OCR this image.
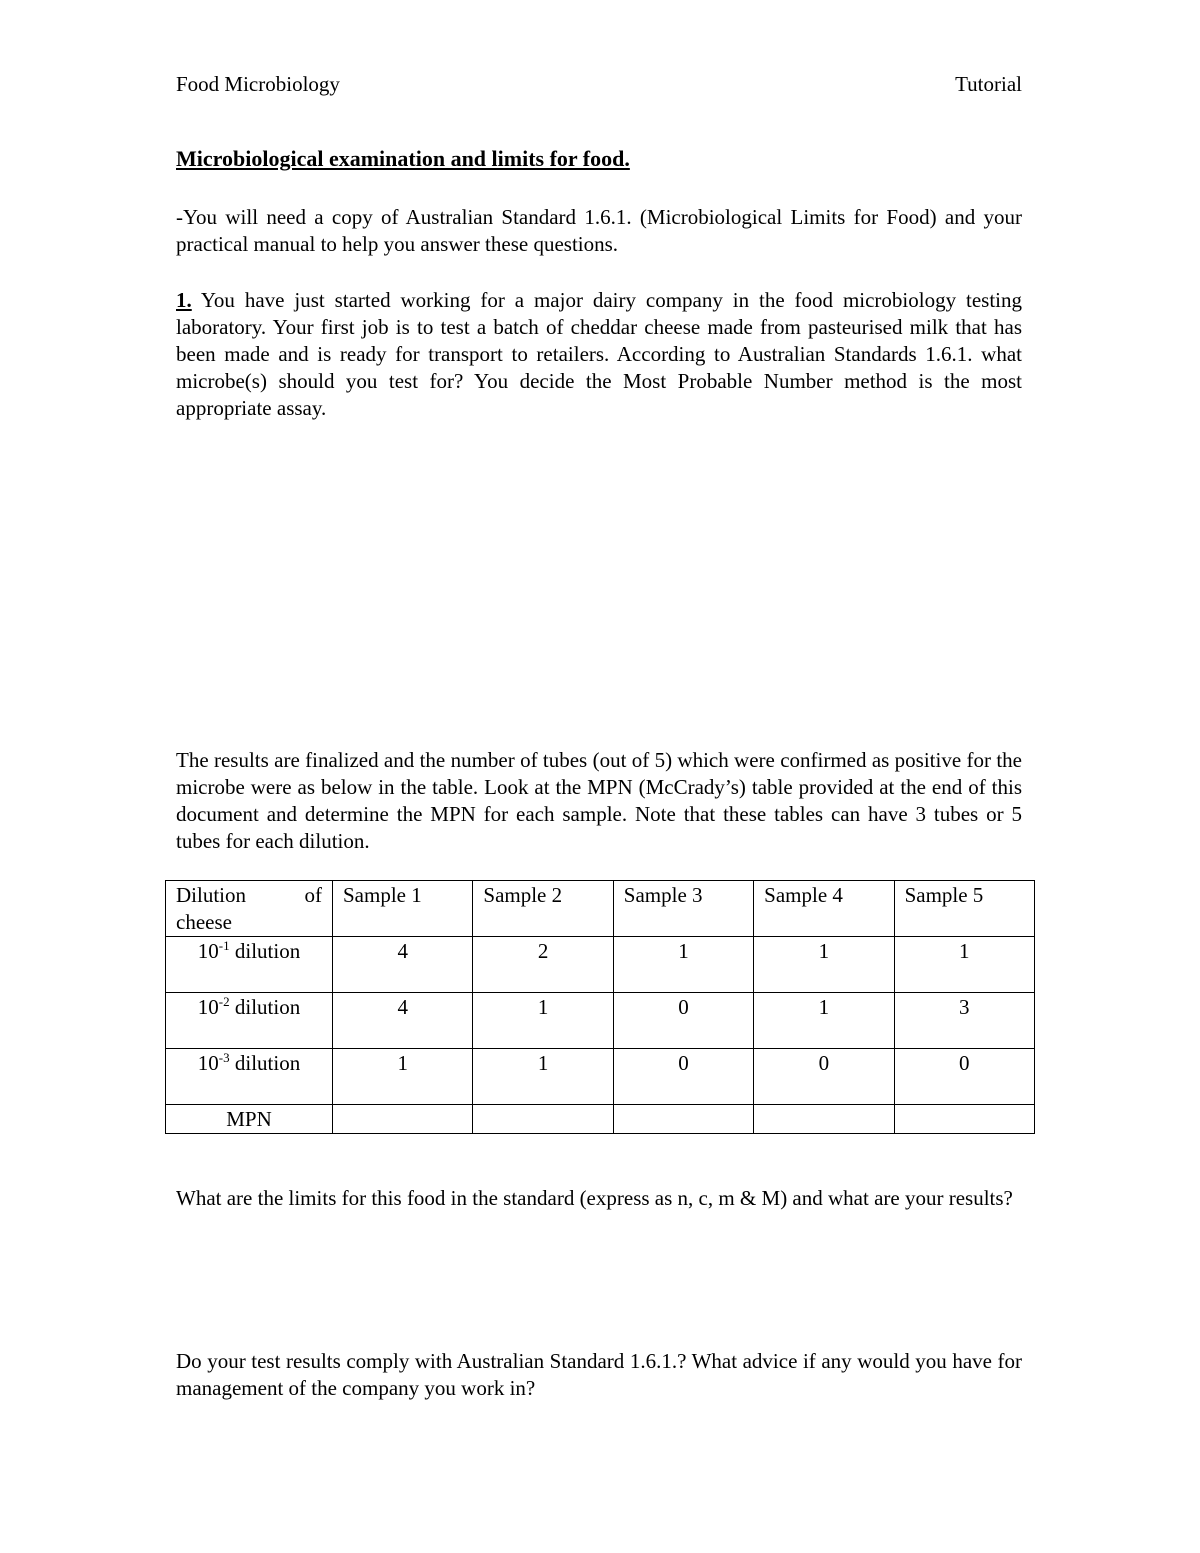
Food Microbiology	Tutorial
Microbiological examination and limits for food.

-You will need a copy of Australian Standard 1.6.1. (Microbiological Limits for Food) and your practical manual to help you answer these questions.

1. You have just started working for a major dairy company in the food microbiology testing laboratory. Your first job is to test a batch of cheddar cheese made from pasteurised milk that has been made and is ready for transport to retailers. According to Australian Standards 1.6.1. what microbe(s) should you test for? You decide the Most Probable Number method is the most appropriate assay.

The results are finalized and the number of tubes (out of 5) which were confirmed as positive for the microbe were as below in the table. Look at the MPN (McCrady’s) table provided at the end of this document and determine the MPN for each sample. Note that these tables can have 3 tubes or 5 tubes for each dilution.

Dilution of
cheese	Sample 1	Sample 2	Sample 3	Sample 4	Sample 5
$10^{-1}$ dilution	4	2	1	1	1
$10^{-2}$ dilution	4	1	0	1	3
$10^{-3}$ dilution	1	1	0	0	0
MPN					

What are the limits for this food in the standard (express as n, c, m & M) and what are your results?

Do your test results comply with Australian Standard 1.6.1.? What advice if any would you have for management of the company you work in?
